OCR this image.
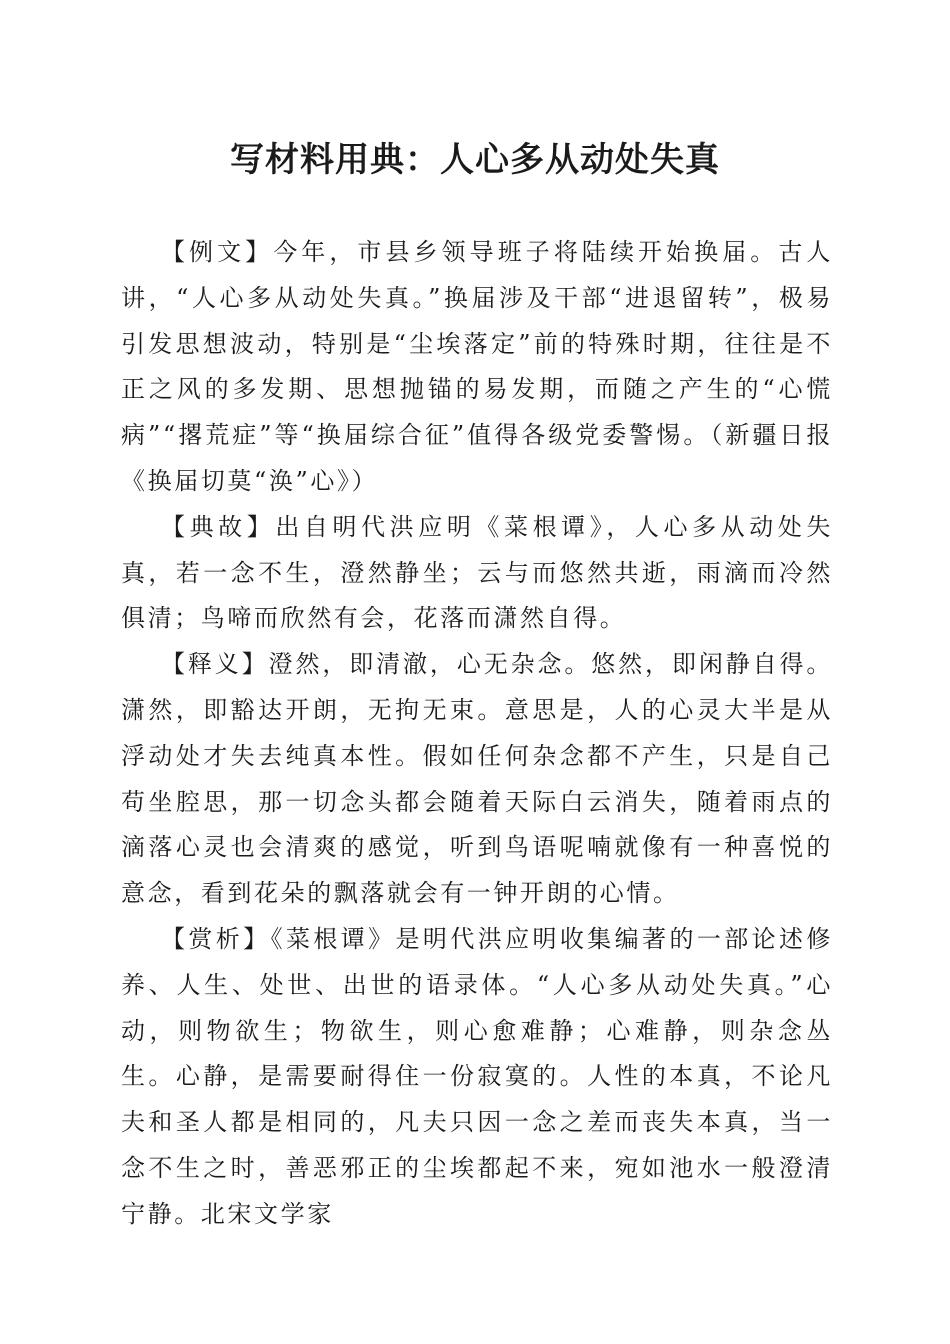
写材料用典：人心多从动处失真

【例文】今年，市县乡领导班子将陆续开始换届。古人讲，“人心多从动处失真。”换届涉及干部“进退留转”，极易引发思想波动，特别是“尘埃落定”前的特殊时期，往往是不正之风的多发期、思想抛锚的易发期，而随之产生的“心慌病”“撂荒症”等“换届综合征”值得各级党委警惕。（新疆日报《换届切莫“涣”心》）

【典故】出自明代洪应明《菜根谭》，人心多从动处失真，若一念不生，澄然静坐；云与而悠然共逝，雨滴而冷然俱清；鸟啼而欣然有会，花落而潇然自得。

【释义】澄然，即清澈，心无杂念。悠然，即闲静自得。潇然，即豁达开朗，无拘无束。意思是，人的心灵大半是从浮动处才失去纯真本性。假如任何杂念都不产生，只是自己苟坐腔思，那一切念头都会随着天际白云消失，随着雨点的滴落心灵也会清爽的感觉，听到鸟语呢喃就像有一种喜悦的意念，看到花朵的飘落就会有一钟开朗的心情。

【赏析】《菜根谭》是明代洪应明收集编著的一部论述修养、人生、处世、出世的语录体。“人心多从动处失真。”心动，则物欲生；物欲生，则心愈难静；心难静，则杂念丛生。心静，是需要耐得住一份寂寞的。人性的本真，不论凡夫和圣人都是相同的，凡夫只因一念之差而丧失本真，当一念不生之时，善恶邪正的尘埃都起不来，宛如池水一般澄清宁静。北宋文学家
